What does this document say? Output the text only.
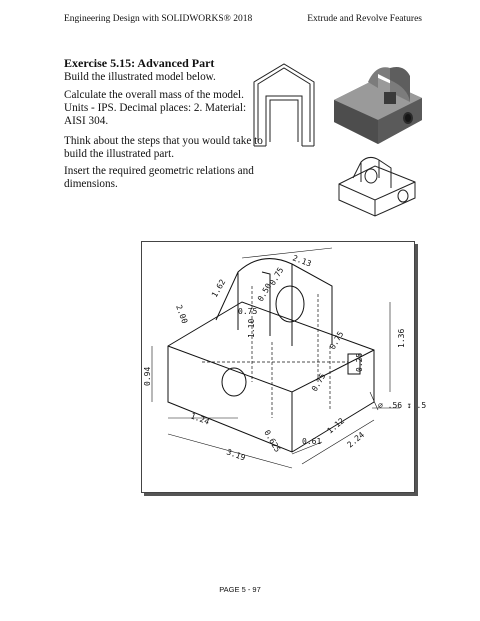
Engineering Design with SOLIDWORKS® 2018	Extrude and Revolve Features
Exercise 5.15: Advanced Part
Build the illustrated model below.
Calculate the overall mass of the model. Units - IPS. Decimal places: 2. Material: AISI 304.
Think about the steps that you would take to build the illustrated part.
Insert the required geometric relations and dimensions.
2.13
1.62
0.75
0.50
0.75
1.10
2.00
1.36
0.94
0.75
1.24
3.19
0.625 0.61
1.12
2.24
0.75
0.25
⌀ .56 ↧ .5
PAGE 5 - 97
